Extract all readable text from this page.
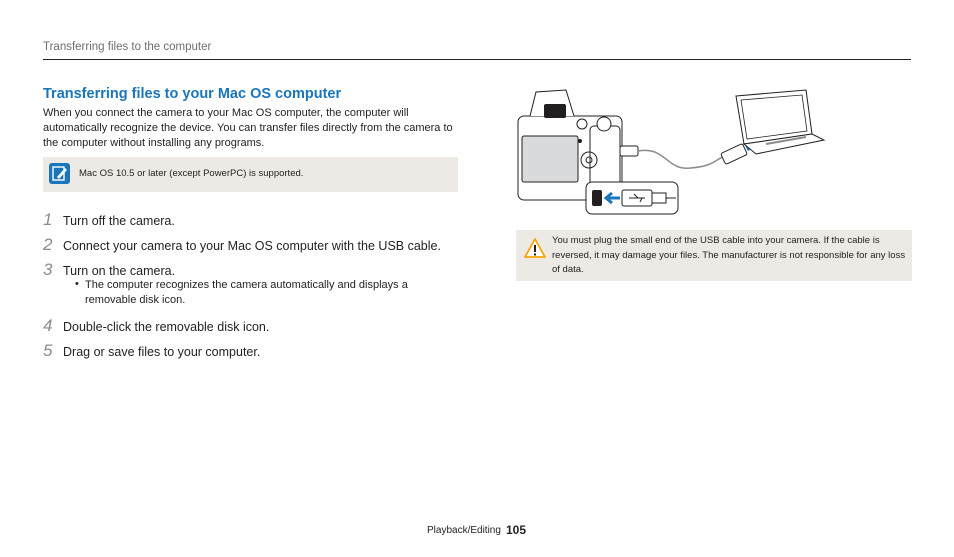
Transferring files to the computer
Transferring files to your Mac OS computer
When you connect the camera to your Mac OS computer, the computer will automatically recognize the device. You can transfer files directly from the camera to the computer without installing any programs.
Mac OS 10.5 or later (except PowerPC) is supported.
1 Turn off the camera.
2 Connect your camera to your Mac OS computer with the USB cable.
3 Turn on the camera.
• The computer recognizes the camera automatically and displays a removable disk icon.
4 Double-click the removable disk icon.
5 Drag or save files to your computer.
You must plug the small end of the USB cable into your camera. If the cable is reversed, it may damage your files. The manufacturer is not responsible for any loss of data.
Playback/Editing 105
